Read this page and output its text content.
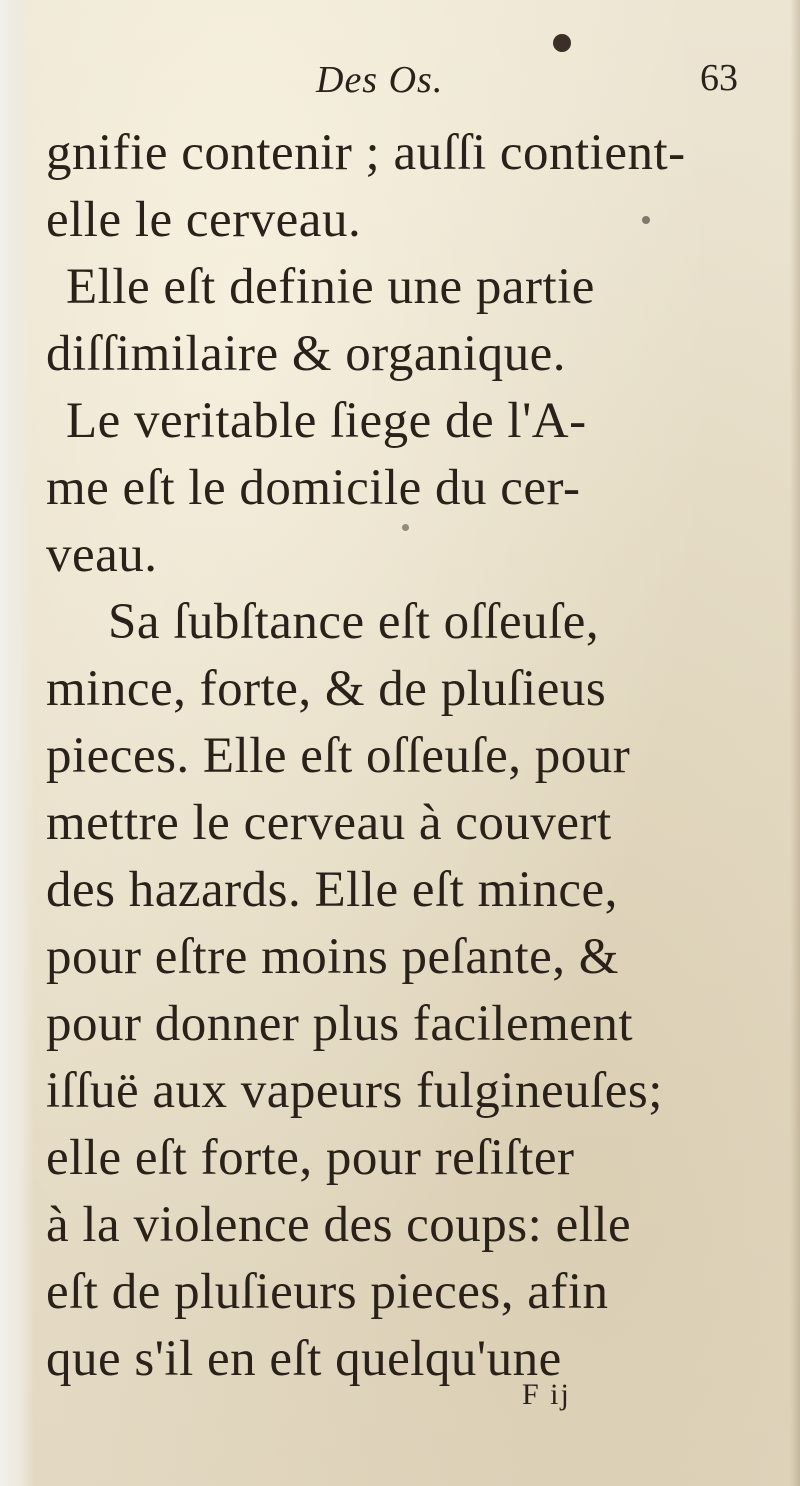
Des Os.	63
gnifie contenir ; auſſi contient-
elle le cerveau.
Elle eſt definie une partie
diſſimilaire & organique.
Le veritable ſiege de l'A-
me eſt le domicile du cer-
veau.
Sa ſubſtance eſt oſſeuſe,
mince, forte, & de pluſieus
pieces. Elle eſt oſſeuſe, pour
mettre le cerveau à couvert
des hazards. Elle eſt mince,
pour eſtre moins peſante, &
pour donner plus facilement
iſſuë aux vapeurs fulgineuſes;
elle eſt forte, pour reſiſter
à la violence des coups: elle
eſt de pluſieurs pieces, afin
que s'il en eſt quelqu'une
F ij
